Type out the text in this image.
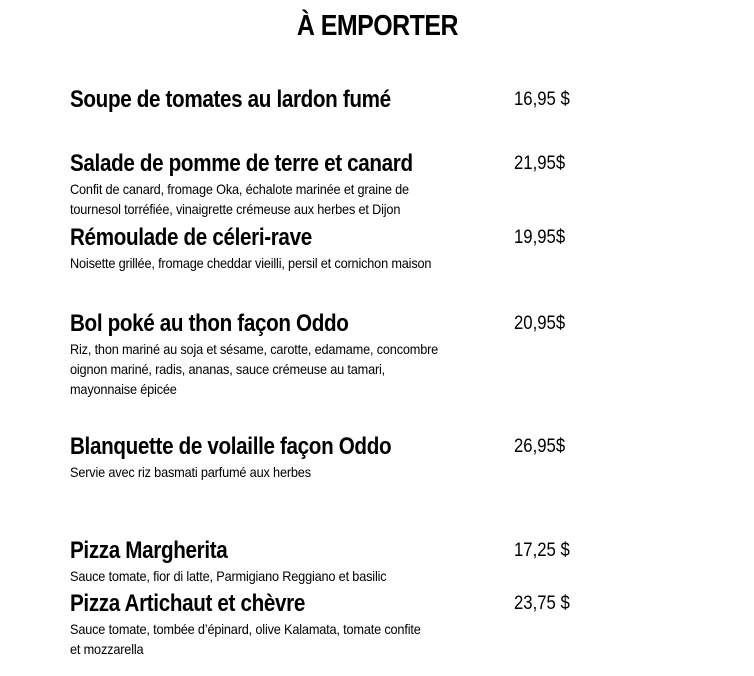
À EMPORTER
Soupe de tomates au lardon fumé	16,95 $
Salade de pomme de terre et canard	21,95$

Confit de canard, fromage Oka, échalote marinée et graine de
tournesol torréfiée, vinaigrette crémeuse aux herbes et Dijon

Rémoulade de céleri-rave	19,95$

Noisette grillée, fromage cheddar vieilli, persil et cornichon maison

Bol poké au thon façon Oddo	20,95$

Riz, thon mariné au soja et sésame, carotte, edamame, concombre
oignon mariné, radis, ananas, sauce crémeuse au tamari,
mayonnaise épicée

Blanquette de volaille façon Oddo	26,95$

Servie avec riz basmati parfumé aux herbes

Pizza Margherita	17,25 $

Sauce tomate, fior di latte, Parmigiano Reggiano et basilic

Pizza Artichaut et chèvre	23,75 $

Sauce tomate, tombée d’épinard, olive Kalamata, tomate confite
et mozzarella
